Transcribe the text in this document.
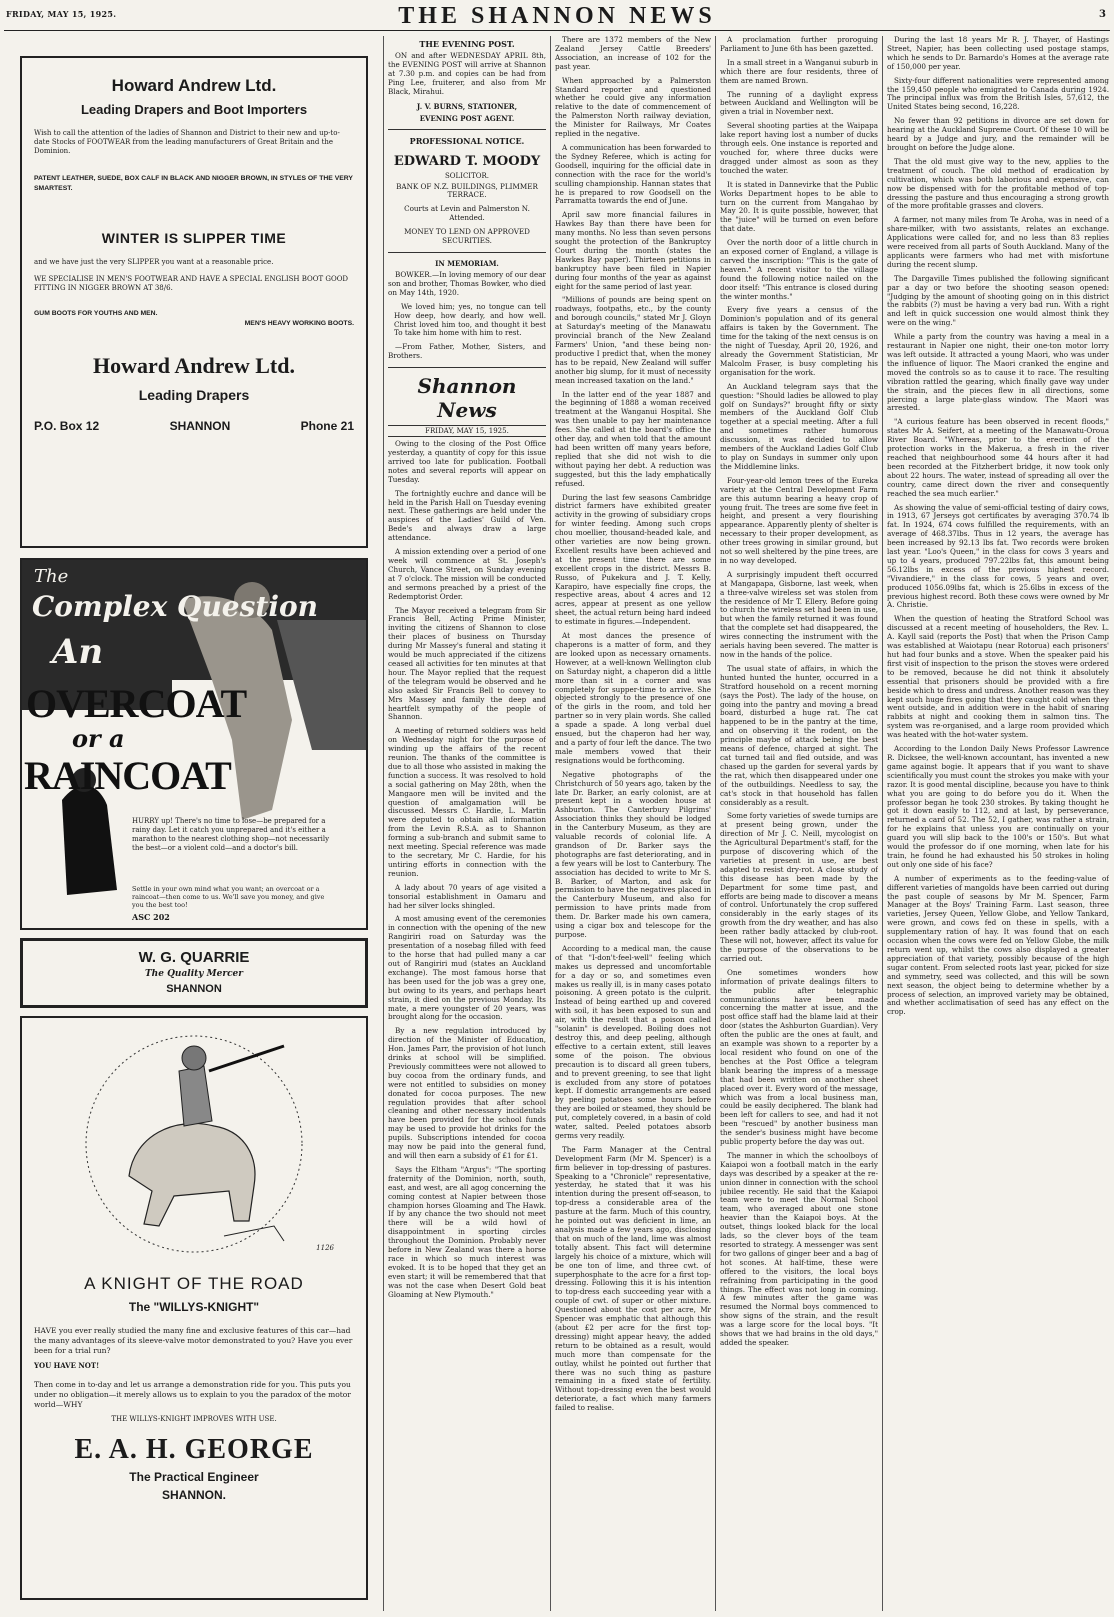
FRIDAY, MAY 15, 1925.	THE SHANNON NEWS	3
Howard Andrew Ltd.
Leading Drapers and Boot Importers
Wish to call the attention of the ladies of Shannon and District to their new and up-to-date Stocks of FOOTWEAR from the leading manufacturers of Great Britain and the Dominion.
PATENT LEATHER, SUEDE, BOX CALF IN BLACK AND NIGGER BROWN, IN STYLES OF THE VERY SMARTEST.
WINTER IS SLIPPER TIME
and we have just the very SLIPPER you want at a reasonable price.
WE SPECIALISE IN MEN'S FOOTWEAR AND HAVE A SPECIAL ENGLISH BOOT GOOD FITTING IN NIGGER BROWN AT 38/6.
GUM BOOTS FOR YOUTHS AND MEN.
MEN'S HEAVY WORKING BOOTS.
Howard Andrew Ltd.
Leading Drapers
P.O. Box 12	SHANNON	Phone 21
The
Complex Question
An
OVERCOAT
or a
RAINCOAT
HURRY up! There's no time to lose—be prepared for a rainy day. Let it catch you unprepared and it's either a marathon to the nearest clothing shop—not necessarily the best—or a violent cold—and a doctor's bill.
Settle in your own mind what you want; an overcoat or a raincoat—then come to us. We'll save you money, and give you the best too!
ASC 202
W. G. QUARRIE
The Quality Mercer
SHANNON
1126
A KNIGHT OF THE ROAD
The "WILLYS-KNIGHT"
HAVE you ever really studied the many fine and exclusive features of this car—had the many advantages of its sleeve-valve motor demonstrated to you? Have you ever been for a trial run?
YOU HAVE NOT!
Then come in to-day and let us arrange a demonstration ride for you. This puts you under no obligation—it merely allows us to explain to you the paradox of the motor world—WHY
THE WILLYS-KNIGHT IMPROVES WITH USE.
E. A. H. GEORGE
The Practical Engineer
SHANNON.
THE EVENING POST.

ON and after WEDNESDAY APRIL 8th, the EVENING POST will arrive at Shannon at 7.30 p.m. and copies can be had from Ping Lee, fruiterer, and also from Mr Black, Mirahui.

J. V. BURNS, STATIONER,
EVENING POST AGENT.
PROFESSIONAL NOTICE.
EDWARD T. MOODY
SOLICITOR.
BANK OF N.Z. BUILDINGS, PLIMMER TERRACE.
Courts at Levin and Palmerston N. Attended.
MONEY TO LEND ON APPROVED SECURITIES.
IN MEMORIAM.

BOWKER.—In loving memory of our dear son and brother, Thomas Bowker, who died on May 14th, 1920.

We loved him; yes, no tongue can tell How deep, how dearly, and how well. Christ loved him too, and thought it best To take him home with him to rest.

—From Father, Mother, Sisters, and Brothers.

Shannon News
FRIDAY, MAY 15, 1925.

Owing to the closing of the Post Office yesterday, a quantity of copy for this issue arrived too late for publication. Football notes and several reports will appear on Tuesday.

The fortnightly euchre and dance will be held in the Parish Hall on Tuesday evening next. These gatherings are held under the auspices of the Ladies' Guild of Ven. Bede's and always draw a large attendance.

A mission extending over a period of one week will commence at St. Joseph's Church, Vance Street, on Sunday evening at 7 o'clock. The mission will be conducted and sermons preached by a priest of the Redemptorist Order.

The Mayor received a telegram from Sir Francis Bell, Acting Prime Minister, inviting the citizens of Shannon to close their places of business on Thursday during Mr Massey's funeral and stating it would be much appreciated if the citizens ceased all activities for ten minutes at that hour. The Mayor replied that the request of the telegram would be observed and he also asked Sir Francis Bell to convey to Mrs Massey and family the deep and heartfelt sympathy of the people of Shannon.

A meeting of returned soldiers was held on Wednesday night for the purpose of winding up the affairs of the recent reunion. The thanks of the committee is due to all those who assisted in making the function a success. It was resolved to hold a social gathering on May 28th, when the Mangaore men will be invited and the question of amalgamation will be discussed. Messrs C. Hardie, L. Martin were deputed to obtain all information from the Levin R.S.A. as to Shannon forming a sub-branch and submit same to next meeting. Special reference was made to the secretary, Mr C. Hardie, for his untiring efforts in connection with the reunion.

A lady about 70 years of age visited a tonsorial establishment in Oamaru and had her silver locks shingled.

A most amusing event of the ceremonies in connection with the opening of the new Rangiriri road on Saturday was the presentation of a nosebag filled with feed to the horse that had pulled many a car out of Rangiriri mud (states an Auckland exchange). The most famous horse that has been used for the job was a grey one, but owing to its years, and perhaps heart strain, it died on the previous Monday. Its mate, a mere youngster of 20 years, was brought along for the occasion.

By a new regulation introduced by direction of the Minister of Education, Hon. James Parr, the provision of hot lunch drinks at school will be simplified. Previously committees were not allowed to buy cocoa from the ordinary funds, and were not entitled to subsidies on money donated for cocoa purposes. The new regulation provides that after school cleaning and other necessary incidentals have been provided for the school funds may be used to provide hot drinks for the pupils. Subscriptions intended for cocoa may now be paid into the general fund, and will then earn a subsidy of £1 for £1.

Says the Eltham "Argus": "The sporting fraternity of the Dominion, north, south, east, and west, are all agog concerning the coming contest at Napier between those champion horses Gloaming and The Hawk. If by any chance the two should not meet there will be a wild howl of disappointment in sporting circles throughout the Dominion. Probably never before in New Zealand was there a horse race in which so much interest was evoked. It is to be hoped that they get an even start; it will be remembered that that was not the case when Desert Gold beat Gloaming at New Plymouth."

There are 1372 members of the New Zealand Jersey Cattle Breeders' Association, an increase of 102 for the past year.

When approached by a Palmerston Standard reporter and questioned whether he could give any information relative to the date of commencement of the Palmerston North railway deviation, the Minister for Railways, Mr Coates replied in the negative.

A communication has been forwarded to the Sydney Referee, which is acting for Goodsell, inquiring for the official date in connection with the race for the world's sculling championship. Hannan states that he is prepared to row Goodsell on the Parramatta towards the end of June.

April saw more financial failures in Hawkes Bay than there have been for many months. No less than seven persons sought the protection of the Bankruptcy Court during the month (states the Hawkes Bay paper). Thirteen petitions in bankruptcy have been filed in Napier during four months of the year as against eight for the same period of last year.

"Millions of pounds are being spent on roadways, footpaths, etc., by the county and borough councils," stated Mr J. Gloyn at Saturday's meeting of the Manawatu provincial branch of the New Zealand Farmers' Union, "and these being non-productive I predict that, when the money has to be repaid, New Zealand will suffer another big slump, for it must of necessity mean increased taxation on the land."

In the latter end of the year 1887 and the beginning of 1888 a woman received treatment at the Wanganui Hospital. She was then unable to pay her maintenance fees. She called at the board's office the other day, and when told that the amount had been written off many years before, replied that she did not wish to die without paying her debt. A reduction was suggested, but this the lady emphatically refused.

During the last few seasons Cambridge district farmers have exhibited greater activity in the growing of subsidiary crops for winter feeding. Among such crops chou moellier, thousand-headed kale, and other varieties are now being grown. Excellent results have been achieved and at the present time there are some excellent crops in the district. Messrs B. Russo, of Pukekura and J. T. Kelly, Karapiro, have especially fine crops, the respective areas, about 4 acres and 12 acres, appear at present as one yellow sheet, the actual return being hard indeed to estimate in figures.—Independent.

At most dances the presence of chaperons is a matter of form, and they are looked upon as necessary ornaments. However, at a well-known Wellington club on Saturday night, a chaperon did a little more than sit in a corner and was completely for supper-time to arrive. She objected strongly to the presence of one of the girls in the room, and told her partner so in very plain words. She called a spade a spade. A long verbal duel ensued, but the chaperon had her way, and a party of four left the dance. The two male members vowed that their resignations would be forthcoming.

Negative photographs of the Christchurch of 50 years ago, taken by the late Dr. Barker, an early colonist, are at present kept in a wooden house at Ashburton. The Canterbury Pilgrims' Association thinks they should be lodged in the Canterbury Museum, as they are valuable records of colonial life. A grandson of Dr. Barker says the photographs are fast deteriorating, and in a few years will be lost to Canterbury. The association has decided to write to Mr S. B. Barker, of Marton, and ask for permission to have the negatives placed in the Canterbury Museum, and also for permission to have prints made from them. Dr. Barker made his own camera, using a cigar box and telescope for the purpose.

According to a medical man, the cause of that "I-don't-feel-well" feeling which makes us depressed and uncomfortable for a day or so, and sometimes even makes us really ill, is in many cases potato poisoning. A green potato is the culprit. Instead of being earthed up and covered with soil, it has been exposed to sun and air, with the result that a poison called "solanin" is developed. Boiling does not destroy this, and deep peeling, although effective to a certain extent, still leaves some of the poison. The obvious precaution is to discard all green tubers, and to prevent greening, to see that light is excluded from any store of potatoes kept. If domestic arrangements are eased by peeling potatoes some hours before they are boiled or steamed, they should be put, completely covered, in a basin of cold water, salted. Peeled potatoes absorb germs very readily.

The Farm Manager at the Central Development Farm (Mr M. Spencer) is a firm believer in top-dressing of pastures. Speaking to a "Chronicle" representative, yesterday, he stated that it was his intention during the present off-season, to top-dress a considerable area of the pasture at the farm. Much of this country, he pointed out was deficient in lime, an analysis made a few years ago, disclosing that on much of the land, lime was almost totally absent. This fact will determine largely his choice of a mixture, which will be one ton of lime, and three cwt. of superphosphate to the acre for a first top-dressing. Following this it is his intention to top-dress each succeeding year with a couple of cwt. of super or other mixture. Questioned about the cost per acre, Mr Spencer was emphatic that although this (about £2 per acre for the first top-dressing) might appear heavy, the added return to be obtained as a result, would much more than compensate for the outlay, whilst he pointed out further that there was no such thing as pasture remaining in a fixed state of fertility. Without top-dressing even the best would deteriorate, a fact which many farmers failed to realise.

A proclamation further proroguing Parliament to June 6th has been gazetted.

In a small street in a Wanganui suburb in which there are four residents, three of them are named Brown.

The running of a daylight express between Auckland and Wellington will be given a trial in November next.

Several shooting parties at the Waipapa lake report having lost a number of ducks through eels. One instance is reported and vouched for, where three ducks were dragged under almost as soon as they touched the water.

It is stated in Dannevirke that the Public Works Department hopes to be able to turn on the current from Mangahao by May 20. It is quite possible, however, that the "juice" will be turned on even before that date.

Over the north door of a little church in an exposed corner of England, a village is carved the inscription: "This is the gate of heaven." A recent visitor to the village found the following notice nailed on the door itself: "This entrance is closed during the winter months."

Every five years a census of the Dominion's population and of its general affairs is taken by the Government. The time for the taking of the next census is on the night of Tuesday, April 20, 1926, and already the Government Statistician, Mr Malcolm Fraser, is busy completing his organisation for the work.

An Auckland telegram says that the question: "Should ladies be allowed to play golf on Sundays?" brought fifty or sixty members of the Auckland Golf Club together at a special meeting. After a full and sometimes rather humorous discussion, it was decided to allow members of the Auckland Ladies Golf Club to play on Sundays in summer only upon the Middlemine links.

Four-year-old lemon trees of the Eureka variety at the Central Development Farm are this autumn bearing a heavy crop of young fruit. The trees are some five feet in height, and present a very flourishing appearance. Apparently plenty of shelter is necessary to their proper development, as other trees growing in similar ground, but not so well sheltered by the pine trees, are in no way developed.

A surprisingly impudent theft occurred at Mangapapa, Gisborne, last week, when a three-valve wireless set was stolen from the residence of Mr T. Ellery. Before going to church the wireless set had been in use, but when the family returned it was found that the complete set had disappeared, the wires connecting the instrument with the aerials having been severed. The matter is now in the hands of the police.

The usual state of affairs, in which the hunted hunted the hunter, occurred in a Stratford household on a recent morning (says the Post). The lady of the house, on going into the pantry and moving a bread board, disturbed a huge rat. The cat happened to be in the pantry at the time, and on observing it the rodent, on the principle maybe of attack being the best means of defence, charged at sight. The cat turned tail and fled outside, and was chased up the garden for several yards by the rat, which then disappeared under one of the outbuildings. Needless to say, the cat's stock in that household has fallen considerably as a result.

Some forty varieties of swede turnips are at present being grown, under the direction of Mr J. C. Neill, mycologist on the Agricultural Department's staff, for the purpose of discovering which of the varieties at present in use, are best adapted to resist dry-rot. A close study of this disease has been made by the Department for some time past, and efforts are being made to discover a means of control. Unfortunately the crop suffered considerably in the early stages of its growth from the dry weather, and has also been rather badly attacked by club-root. These will not, however, affect its value for the purpose of the observations to be carried out.

One sometimes wonders how information of private dealings filters to the public after telegraphic communications have been made concerning the matter at issue, and the post office staff had the blame laid at their door (states the Ashburton Guardian). Very often the public are the ones at fault, and an example was shown to a reporter by a local resident who found on one of the benches at the Post Office a telegram blank bearing the impress of a message that had been written on another sheet placed over it. Every word of the message, which was from a local business man, could be easily deciphered. The blank had been left for callers to see, and had it not been "rescued" by another business man the sender's business might have become public property before the day was out.

The manner in which the schoolboys of Kaiapoi won a football match in the early days was described by a speaker at the re-union dinner in connection with the school jubilee recently. He said that the Kaiapoi team were to meet the Normal School team, who averaged about one stone heavier than the Kaiapoi boys. At the outset, things looked black for the local lads, so the clever boys of the team resorted to strategy. A messenger was sent for two gallons of ginger beer and a bag of hot scones. At half-time, these were offered to the visitors, the local boys refraining from participating in the good things. The effect was not long in coming. A few minutes after the game was resumed the Normal boys commenced to show signs of the strain, and the result was a large score for the local boys. "It shows that we had brains in the old days," added the speaker.

During the last 18 years Mr R. J. Thayer, of Hastings Street, Napier, has been collecting used postage stamps, which he sends to Dr. Barnardo's Homes at the average rate of 150,000 per year.

Sixty-four different nationalities were represented among the 159,450 people who emigrated to Canada during 1924. The principal influx was from the British Isles, 57,612, the United States being second, 16,228.

No fewer than 92 petitions in divorce are set down for hearing at the Auckland Supreme Court. Of these 10 will be heard by a Judge and jury, and the remainder will be brought on before the Judge alone.

That the old must give way to the new, applies to the treatment of couch. The old method of eradication by cultivation, which was both laborious and expensive, can now be dispensed with for the profitable method of top-dressing the pasture and thus encouraging a strong growth of the more profitable grasses and clovers.

A farmer, not many miles from Te Aroha, was in need of a share-milker, with two assistants, relates an exchange. Applications were called for, and no less than 83 replies were received from all parts of South Auckland. Many of the applicants were farmers who had met with misfortune during the recent slump.

The Dargaville Times published the following significant par a day or two before the shooting season opened: "Judging by the amount of shooting going on in this district the rabbits (?) must be having a very bad run. With a right and left in quick succession one would almost think they were on the wing."

While a party from the country was having a meal in a restaurant in Napier one night, their one-ton motor lorry was left outside. It attracted a young Maori, who was under the influence of liquor. The Maori cranked the engine and moved the controls so as to cause it to race. The resulting vibration rattled the gearing, which finally gave way under the strain, and the pieces flew in all directions, some piercing a large plate-glass window. The Maori was arrested.

"A curious feature has been observed in recent floods," states Mr A. Seifert, at a meeting of the Manawatu-Oroua River Board. "Whereas, prior to the erection of the protection works in the Makerua, a fresh in the river reached that neighbourhood some 44 hours after it had been recorded at the Fitzherbert bridge, it now took only about 22 hours. The water, instead of spreading all over the country, came direct down the river and consequently reached the sea much earlier."

As showing the value of semi-official testing of dairy cows, in 1913, 67 Jerseys got certificates by averaging 370.74 lb fat. In 1924, 674 cows fulfilled the requirements, with an average of 468.37lbs. Thus in 12 years, the average has been increased by 92.13 lbs fat. Two records were broken last year. "Loo's Queen," in the class for cows 3 years and up to 4 years, produced 797.22lbs fat, this amount being 56.12lbs in excess of the previous highest record. "Vivandiere," in the class for cows, 5 years and over, produced 1056.09lbs fat, which is 25.6lbs in excess of the previous highest record. Both these cows were owned by Mr A. Christie.

When the question of heating the Stratford School was discussed at a recent meeting of householders, the Rev. L. A. Kayll said (reports the Post) that when the Prison Camp was established at Waiotapu (near Rotorua) each prisoners' hut had four bunks and a stove. When the speaker paid his first visit of inspection to the prison the stoves were ordered to be removed, because he did not think it absolutely essential that prisoners should be provided with a fire beside which to dress and undress. Another reason was they kept such huge fires going that they caught cold when they went outside, and in addition were in the habit of snaring rabbits at night and cooking them in salmon tins. The system was re-organised, and a large room provided which was heated with the hot-water system.

According to the London Daily News Professor Lawrence R. Dicksee, the well-known accountant, has invented a new game against bogie. It appears that if you want to shave scientifically you must count the strokes you make with your razor. It is good mental discipline, because you have to think what you are going to do before you do it. When the professor began he took 230 strokes. By taking thought he got it down easily to 112, and at last, by perseverance, returned a card of 52. The 52, I gather, was rather a strain, for he explains that unless you are continually on your guard you will slip back to the 100's or 150's. But what would the professor do if one morning, when late for his train, he found he had exhausted his 50 strokes in holing out only one side of his face?

A number of experiments as to the feeding-value of different varieties of mangolds have been carried out during the past couple of seasons by Mr M. Spencer, Farm Manager at the Boys' Training Farm. Last season, three varieties, Jersey Queen, Yellow Globe, and Yellow Tankard, were grown, and cows fed on these in spells, with a supplementary ration of hay. It was found that on each occasion when the cows were fed on Yellow Globe, the milk return went up, whilst the cows also displayed a greater appreciation of that variety, possibly because of the high sugar content. From selected roots last year, picked for size and symmetry, seed was collected, and this will be sown next season, the object being to determine whether by a process of selection, an improved variety may be obtained, and whether acclimatisation of seed has any effect on the crop.
